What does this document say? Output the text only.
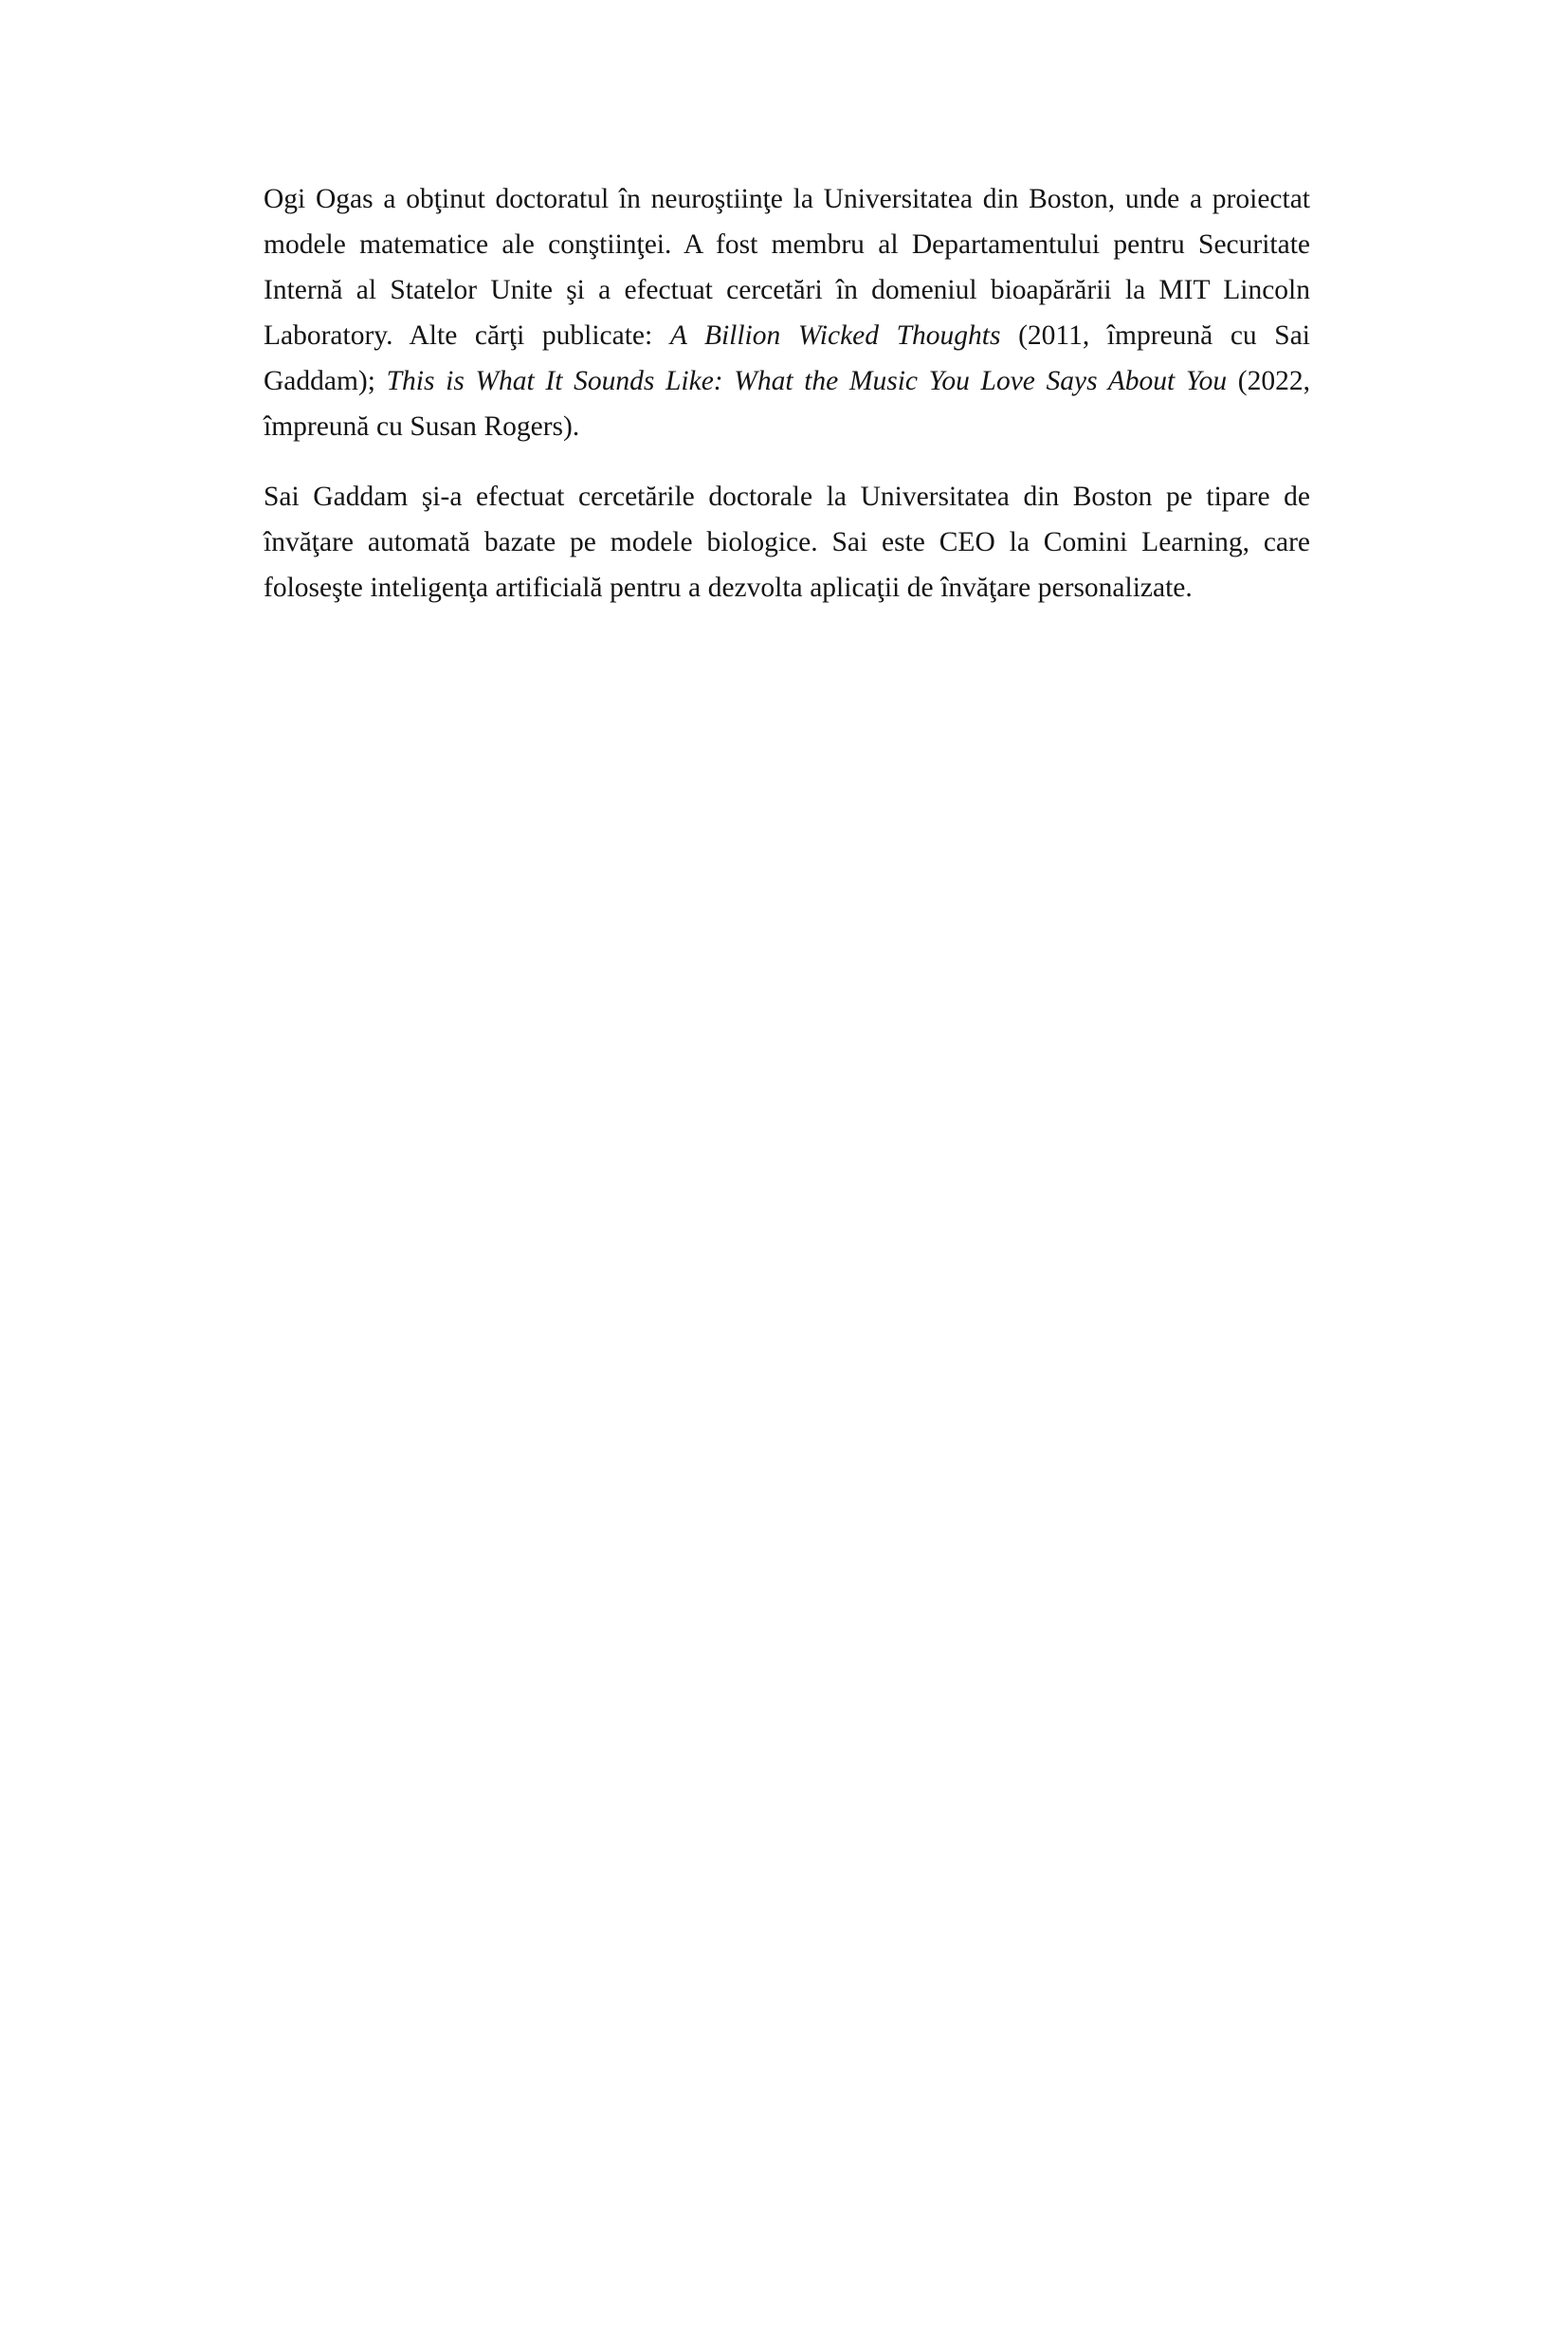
Ogi Ogas a obţinut doctoratul în neuroştiinţe la Universitatea din Boston, unde a proiectat modele matematice ale conştiinţei. A fost membru al Departamentului pentru Securitate Internă al Statelor Unite şi a efectuat cercetări în domeniul bioapărării la MIT Lincoln Laboratory. Alte cărţi publicate: A Billion Wicked Thoughts (2011, împreună cu Sai Gaddam); This is What It Sounds Like: What the Music You Love Says About You (2022, împreună cu Susan Rogers).

Sai Gaddam şi-a efectuat cercetările doctorale la Universitatea din Boston pe tipare de învăţare automată bazate pe modele biologice. Sai este CEO la Comini Learning, care foloseşte inteligenţa artificială pentru a dezvolta aplicaţii de învăţare personalizate.
